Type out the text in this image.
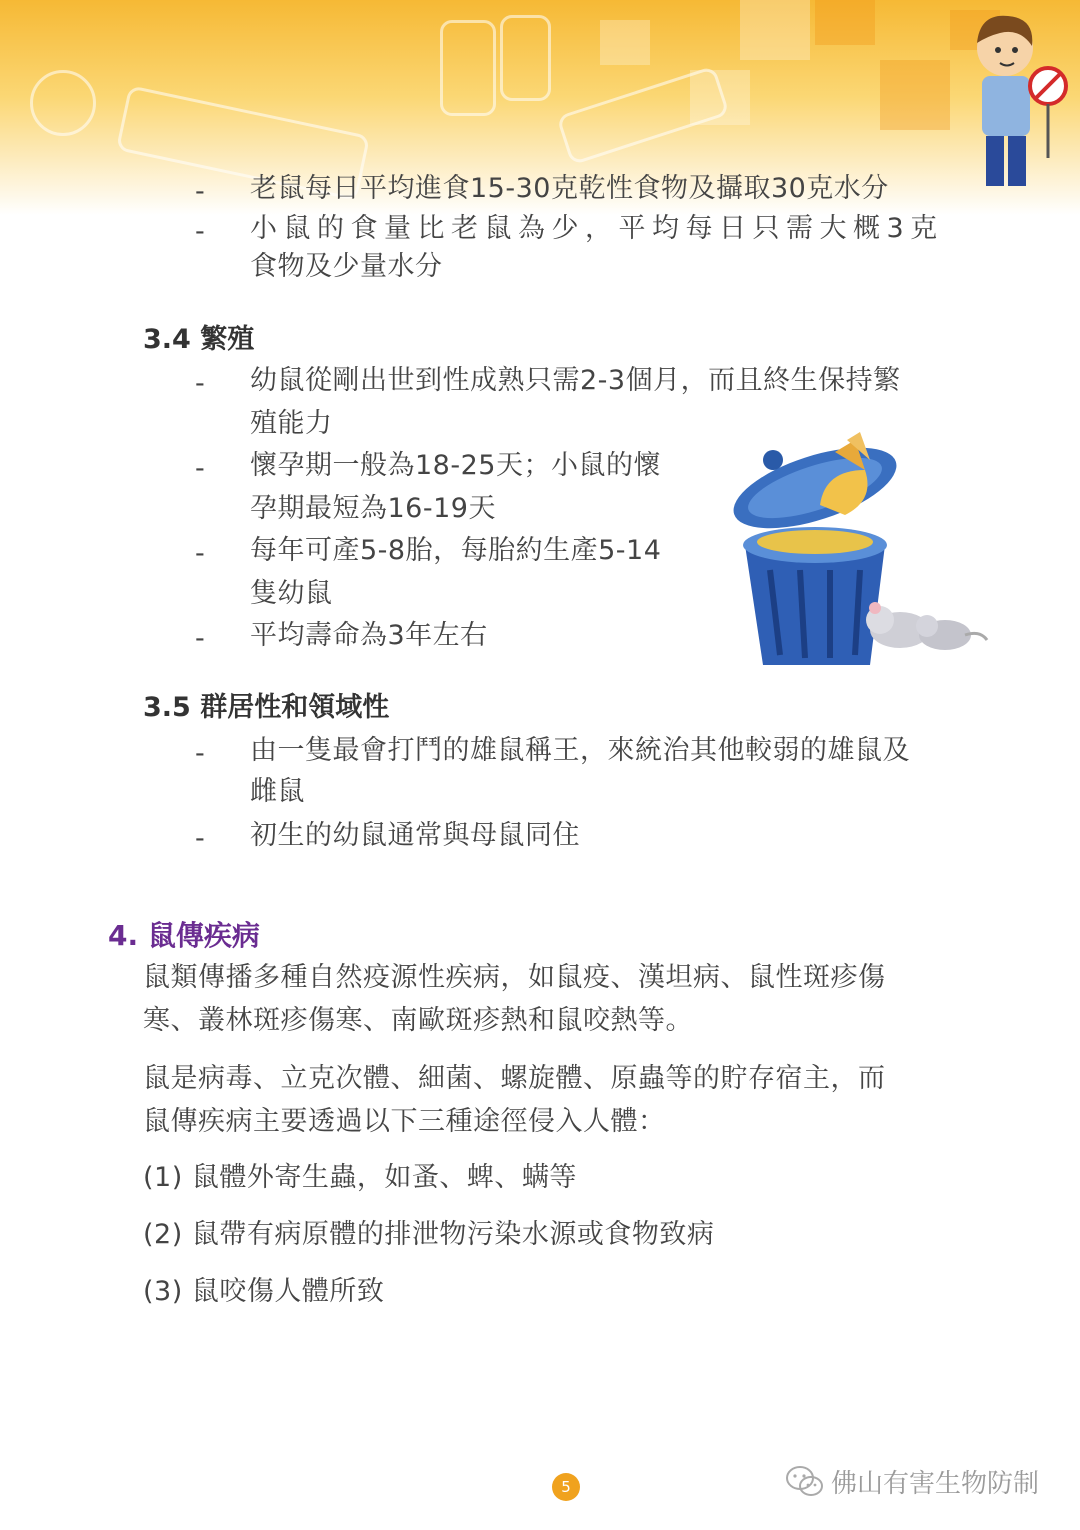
- 老鼠每日平均進食15-30克乾性食物及攝取30克水分
- 小鼠的食量比老鼠為少，平均每日只需大概3克
食物及少量水分
3.4 繁殖
- 幼鼠從剛出世到性成熟只需2-3個月，而且終生保持繁
殖能力
- 懷孕期一般為18-25天；小鼠的懷
孕期最短為16-19天
- 每年可產5-8胎，每胎約生產5-14
隻幼鼠
- 平均壽命為3年左右
3.5 群居性和領域性
- 由一隻最會打鬥的雄鼠稱王，來統治其他較弱的雄鼠及
雌鼠
- 初生的幼鼠通常與母鼠同住
4. 鼠傳疾病
鼠類傳播多種自然疫源性疾病，如鼠疫、漢坦病、鼠性斑疹傷
寒、叢林斑疹傷寒、南歐斑疹熱和鼠咬熱等。
鼠是病毒、立克次體、細菌、螺旋體、原蟲等的貯存宿主，而
鼠傳疾病主要透過以下三種途徑侵入人體：
(1) 鼠體外寄生蟲，如蚤、蜱、螨等
(2) 鼠帶有病原體的排泄物污染水源或食物致病
(3) 鼠咬傷人體所致
5	佛山有害生物防制
